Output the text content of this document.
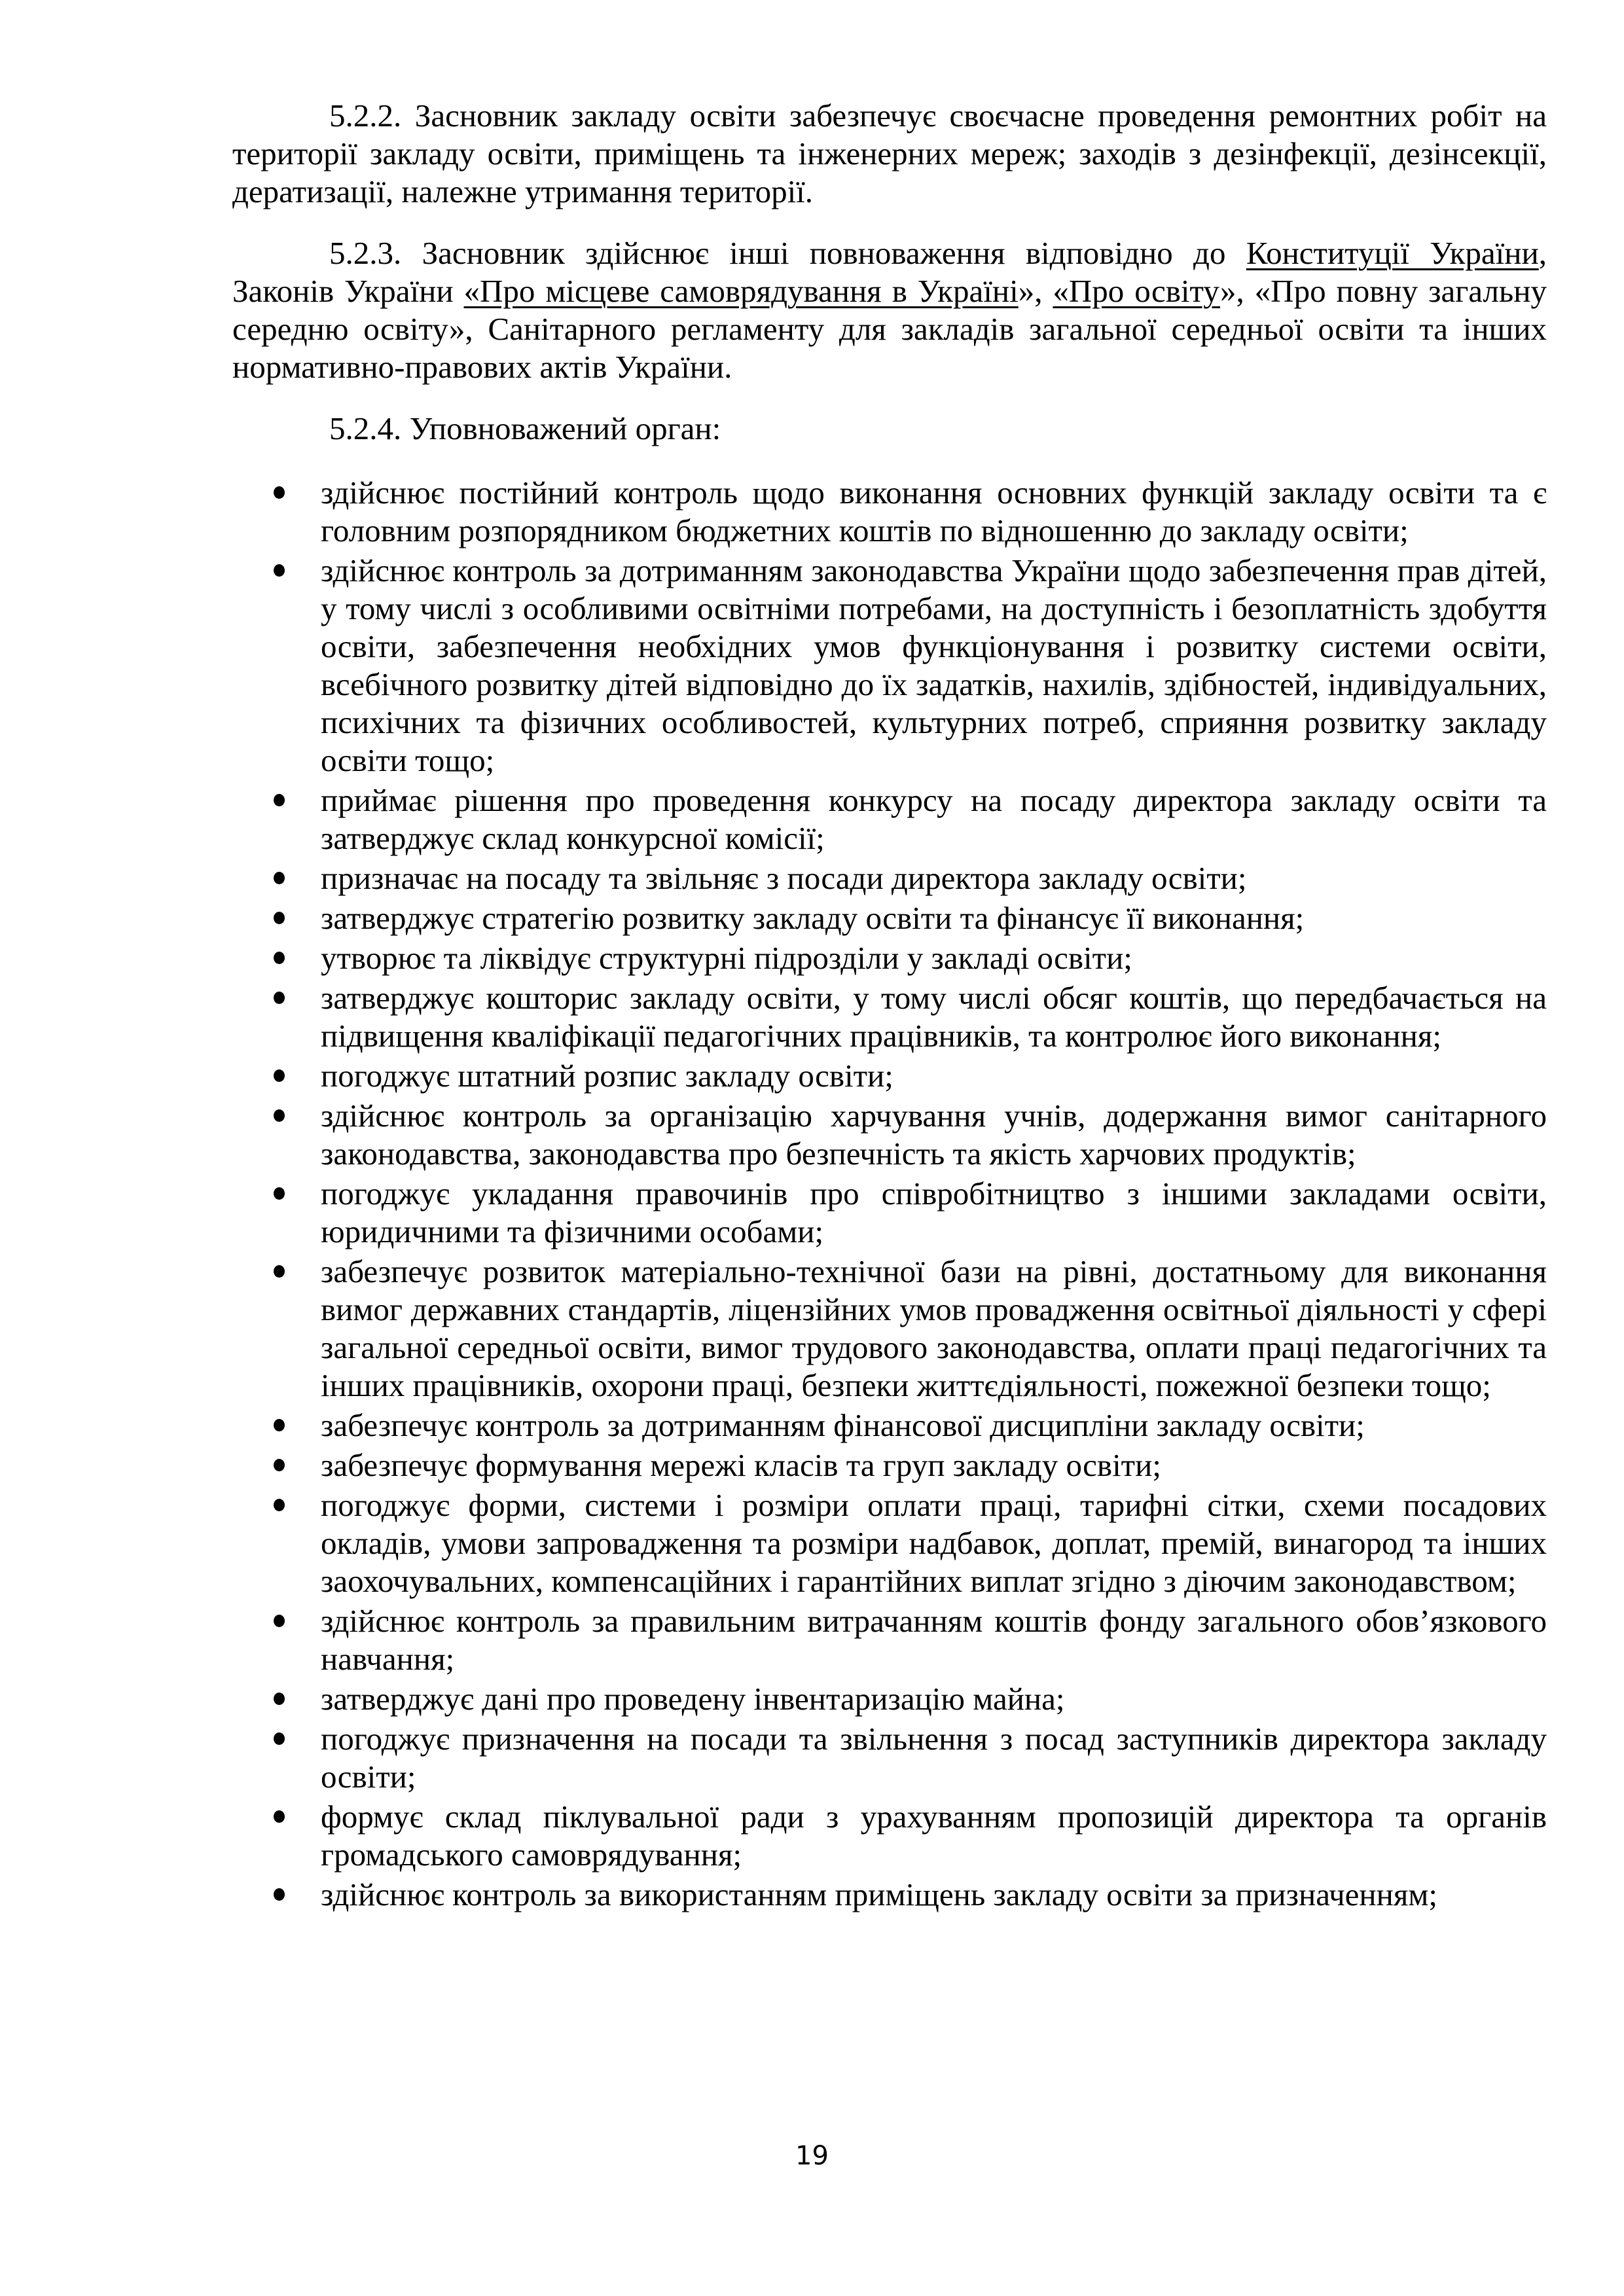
5.2.2. Засновник закладу освіти забезпечує своєчасне проведення ремонтних робіт на території закладу освіти, приміщень та інженерних мереж; заходів з дезінфекції, дезінсекції, дератизації, належне утримання території.

5.2.3. Засновник здійснює інші повноваження відповідно до Конституції України, Законів України «Про місцеве самоврядування в Україні», «Про освіту», «Про повну загальну середню освіту», Санітарного регламенту для закладів загальної середньої освіти та інших нормативно-правових актів України.

5.2.4. Уповноважений орган:

здійснює постійний контроль щодо виконання основних функцій закладу освіти та є головним розпорядником бюджетних коштів по відношенню до закладу освіти;
здійснює контроль за дотриманням законодавства України щодо забезпечення прав дітей, у тому числі з особливими освітніми потребами, на доступність і безоплатність здобуття освіти, забезпечення необхідних умов функціонування і розвитку системи освіти, всебічного розвитку дітей відповідно до їх задатків, нахилів, здібностей, індивідуальних, психічних та фізичних особливостей, культурних потреб, сприяння розвитку закладу освіти тощо;
приймає рішення про проведення конкурсу на посаду директора закладу освіти та затверджує склад конкурсної комісії;
призначає на посаду та звільняє з посади директора закладу освіти;
затверджує стратегію розвитку закладу освіти та фінансує її виконання;
утворює та ліквідує структурні підрозділи у закладі освіти;
затверджує кошторис закладу освіти, у тому числі обсяг коштів, що передбачається на підвищення кваліфікації педагогічних працівників, та контролює його виконання;
погоджує штатний розпис закладу освіти;
здійснює контроль за організацію харчування учнів, додержання вимог санітарного законодавства, законодавства про безпечність та якість харчових продуктів;
погоджує укладання правочинів про співробітництво з іншими закладами освіти, юридичними та фізичними особами;
забезпечує розвиток матеріально-технічної бази на рівні, достатньому для виконання вимог державних стандартів, ліцензійних умов провадження освітньої діяльності у сфері загальної середньої освіти, вимог трудового законодавства, оплати праці педагогічних та інших працівників, охорони праці, безпеки життєдіяльності, пожежної безпеки тощо;
забезпечує контроль за дотриманням фінансової дисципліни закладу освіти;
забезпечує формування мережі класів та груп закладу освіти;
погоджує форми, системи і розміри оплати праці, тарифні сітки, схеми посадових окладів, умови запровадження та розміри надбавок, доплат, премій, винагород та інших заохочувальних, компенсаційних і гарантійних виплат згідно з діючим законодавством;
здійснює контроль за правильним витрачанням коштів фонду загального обов’язкового навчання;
затверджує дані про проведену інвентаризацію майна;
погоджує призначення на посади та звільнення з посад заступників директора закладу освіти;
формує склад піклувальної ради з урахуванням пропозицій директора та органів громадського самоврядування;
здійснює контроль за використанням приміщень закладу освіти за призначенням;
19
